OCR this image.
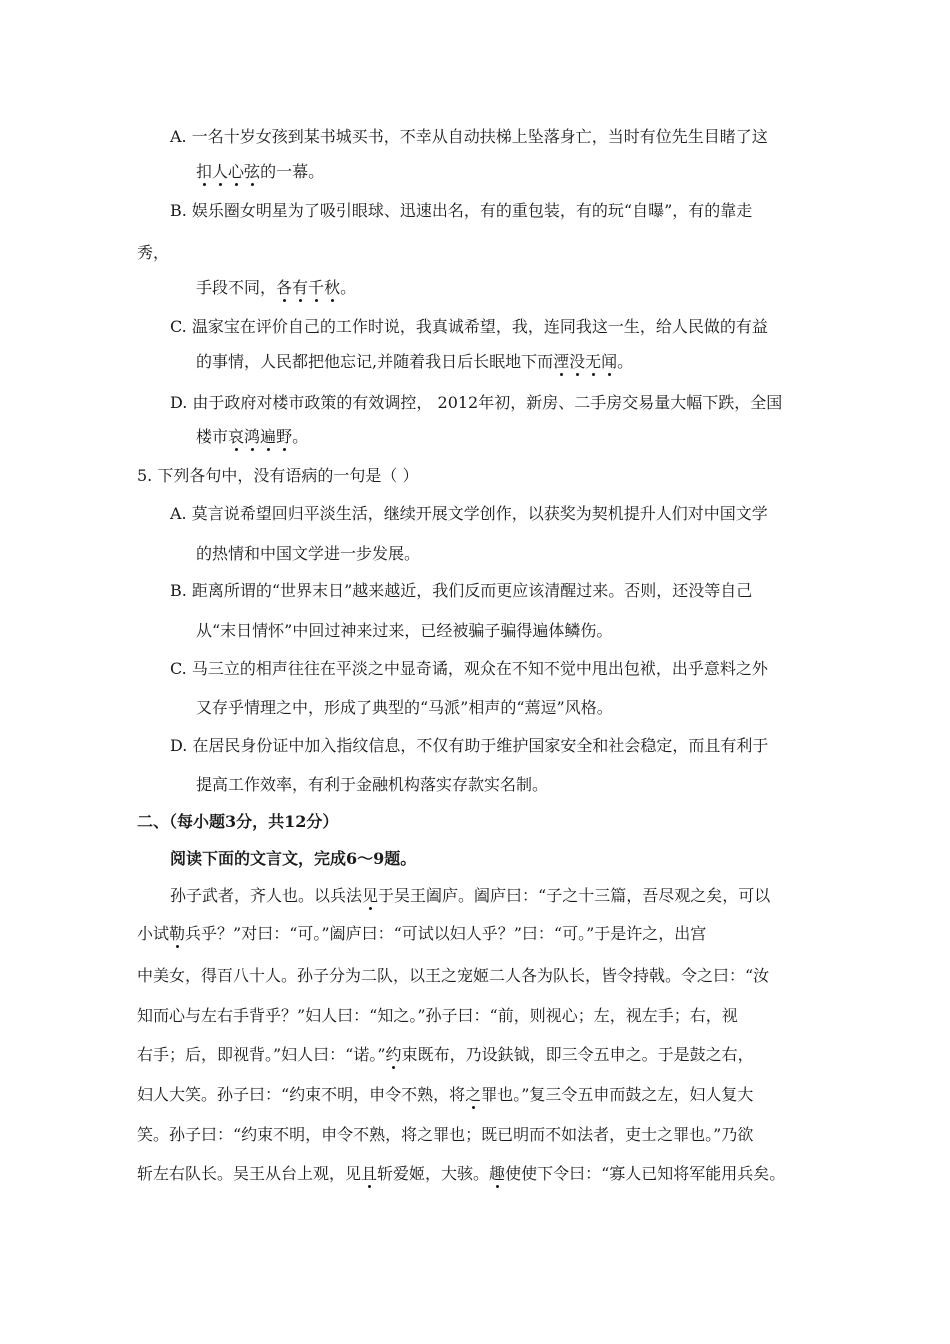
A. 一名十岁女孩到某书城买书，不幸从自动扶梯上坠落身亡，当时有位先生目睹了这
扣人心弦的一幕。
B. 娱乐圈女明星为了吸引眼球、迅速出名，有的重包装，有的玩“自曝”，有的靠走
秀，
手段不同，各有千秋。
C. 温家宝在评价自己的工作时说，我真诚希望，我，连同我这一生，给人民做的有益
的事情，人民都把他忘记,并随着我日后长眠地下而湮没无闻。
D. 由于政府对楼市政策的有效调控， 2012年初，新房、二手房交易量大幅下跌，全国
楼市哀鸿遍野。
5. 下列各句中，没有语病的一句是（ ）
A. 莫言说希望回归平淡生活，继续开展文学创作，以获奖为契机提升人们对中国文学
的热情和中国文学进一步发展。
B. 距离所谓的“世界末日”越来越近，我们反而更应该清醒过来。否则，还没等自己
从“末日情怀”中回过神来过来，已经被骗子骗得遍体鳞伤。
C. 马三立的相声往往在平淡之中显奇谲，观众在不知不觉中甩出包袱，出乎意料之外
又存乎情理之中，形成了典型的“马派”相声的“蔫逗”风格。
D. 在居民身份证中加入指纹信息，不仅有助于维护国家安全和社会稳定，而且有利于
提高工作效率，有利于金融机构落实存款实名制。
二、（每小题3分，共12分）
阅读下面的文言文，完成6～9题。
孙子武者，齐人也。以兵法见于吴王阖庐。阖庐曰：“子之十三篇，吾尽观之矣，可以
小试勒兵乎？”对曰：“可。”阖庐曰：“可试以妇人乎？”曰：“可。”于是许之，出宫
中美女，得百八十人。孙子分为二队，以王之宠姬二人各为队长，皆令持戟。令之曰：“汝
知而心与左右手背乎？”妇人曰：“知之。”孙子曰：“前，则视心；左，视左手；右，视
右手；后，即视背。”妇人曰：“诺。”约束既布，乃设鈇钺，即三令五申之。于是鼓之右，
妇人大笑。孙子曰：“约束不明，申令不熟，将之罪也。”复三令五申而鼓之左，妇人复大
笑。孙子曰：“约束不明，申令不熟，将之罪也；既已明而不如法者，吏士之罪也。”乃欲
斩左右队长。吴王从台上观，见且斩爱姬，大骇。趣使使下令曰：“寡人已知将军能用兵矣。
